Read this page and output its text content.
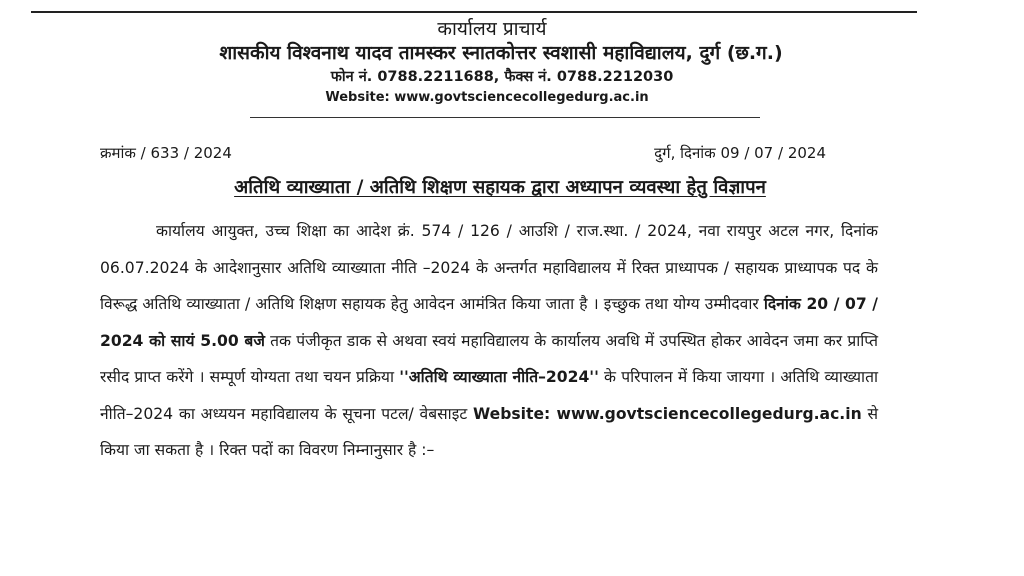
कार्यालय प्राचार्य
शासकीय विश्वनाथ यादव तामस्कर स्नातकोत्तर स्वशासी महाविद्यालय, दुर्ग (छ.ग.)
फोन नं. 0788.2211688, फैक्स नं. 0788.2212030
Website: www.govtsciencecollegedurg.ac.in
क्रमांक / 633 / 2024	दुर्ग, दिनांक 09 / 07 / 2024
अतिथि व्याख्याता / अतिथि शिक्षण सहायक द्वारा अध्यापन व्यवस्था हेतु विज्ञापन
कार्यालय आयुक्त, उच्च शिक्षा का आदेश क्रं. 574 / 126 / आउशि / राज.स्था. / 2024, नवा रायपुर अटल नगर, दिनांक 06.07.2024 के आदेशानुसार अतिथि व्याख्याता नीति –2024 के अन्तर्गत महाविद्यालय में रिक्त प्राध्यापक / सहायक प्राध्यापक पद के विरूद्ध अतिथि व्याख्याता / अतिथि शिक्षण सहायक हेतु आवेदन आमंत्रित किया जाता है । इच्छुक तथा योग्य उम्मीदवार दिनांक 20 / 07 / 2024 को सायं 5.00 बजे तक पंजीकृत डाक से अथवा स्वयं महाविद्यालय के कार्यालय अवधि में उपस्थित होकर आवेदन जमा कर प्राप्ति रसीद प्राप्त करेंगे । सम्पूर्ण योग्यता तथा चयन प्रक्रिया ''अतिथि व्याख्याता नीति–2024'' के परिपालन में किया जायगा । अतिथि व्याख्याता नीति–2024 का अध्ययन महाविद्यालय के सूचना पटल/ वेबसाइट Website: www.govtsciencecollegedurg.ac.in से किया जा सकता है । रिक्त पदों का विवरण निम्नानुसार है :–
